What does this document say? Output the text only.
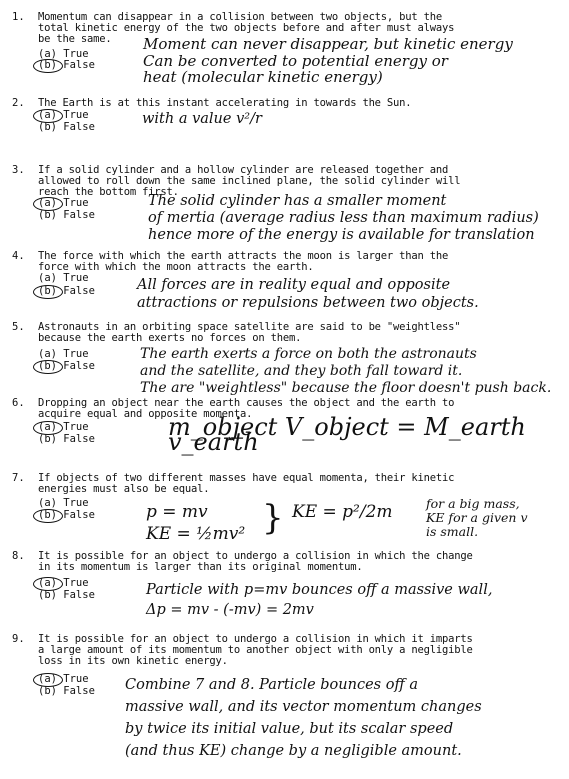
1. Momentum can disappear in a collision between two objects, but the
total kinetic energy of the two objects before and after must always
be the same.
(a) True
(b) False
Moment can never disappear, but kinetic energy
Can be converted to potential energy or
heat (molecular kinetic energy)
2. The Earth is at this instant accelerating in towards the Sun.
(a) True
(b) False	with a value v²/r
3. If a solid cylinder and a hollow cylinder are released together and
allowed to roll down the same inclined plane, the solid cylinder will
reach the bottom first.
(a) True
(b) False
The solid cylinder has a smaller moment
of mertia (average radius less than maximum radius)
hence more of the energy is available for translation
4. The force with which the earth attracts the moon is larger than the
force with which the moon attracts the earth.
(a) True
(b) False	All forces are in reality equal and opposite
attractions or repulsions between two objects.
5. Astronauts in an orbiting space satellite are said to be "weightless"
because the earth exerts no forces on them.
(a) True
(b) False
The earth exerts a force on both the astronauts
and the satellite, and they both fall toward it.
The are "weightless" because the floor doesn't push back.
6. Dropping an object near the earth causes the object and the earth to
acquire equal and opposite momenta.
(a) True
(b) False	m_object V_object = M_earth v_earth
7. If objects of two different masses have equal momenta, their kinetic
energies must also be equal.
(a) True
(b) False	p = mv
KE = ½mv² } KE = p²/2m	for a big mass,
KE for a given v
is small.
8. It is possible for an object to undergo a collision in which the change
in its momentum is larger than its original momentum.
(a) True
(b) False	Particle with p=mv bounces off a massive wall,
Δp = mv - (-mv) = 2mv
9. It is possible for an object to undergo a collision in which it imparts
a large amount of its momentum to another object with only a negligible
loss in its own kinetic energy.
(a) True
(b) False Combine 7 and 8. Particle bounces off a
massive wall, and its vector momentum changes
by twice its initial value, but its scalar speed
(and thus KE) change by a negligible amount.
